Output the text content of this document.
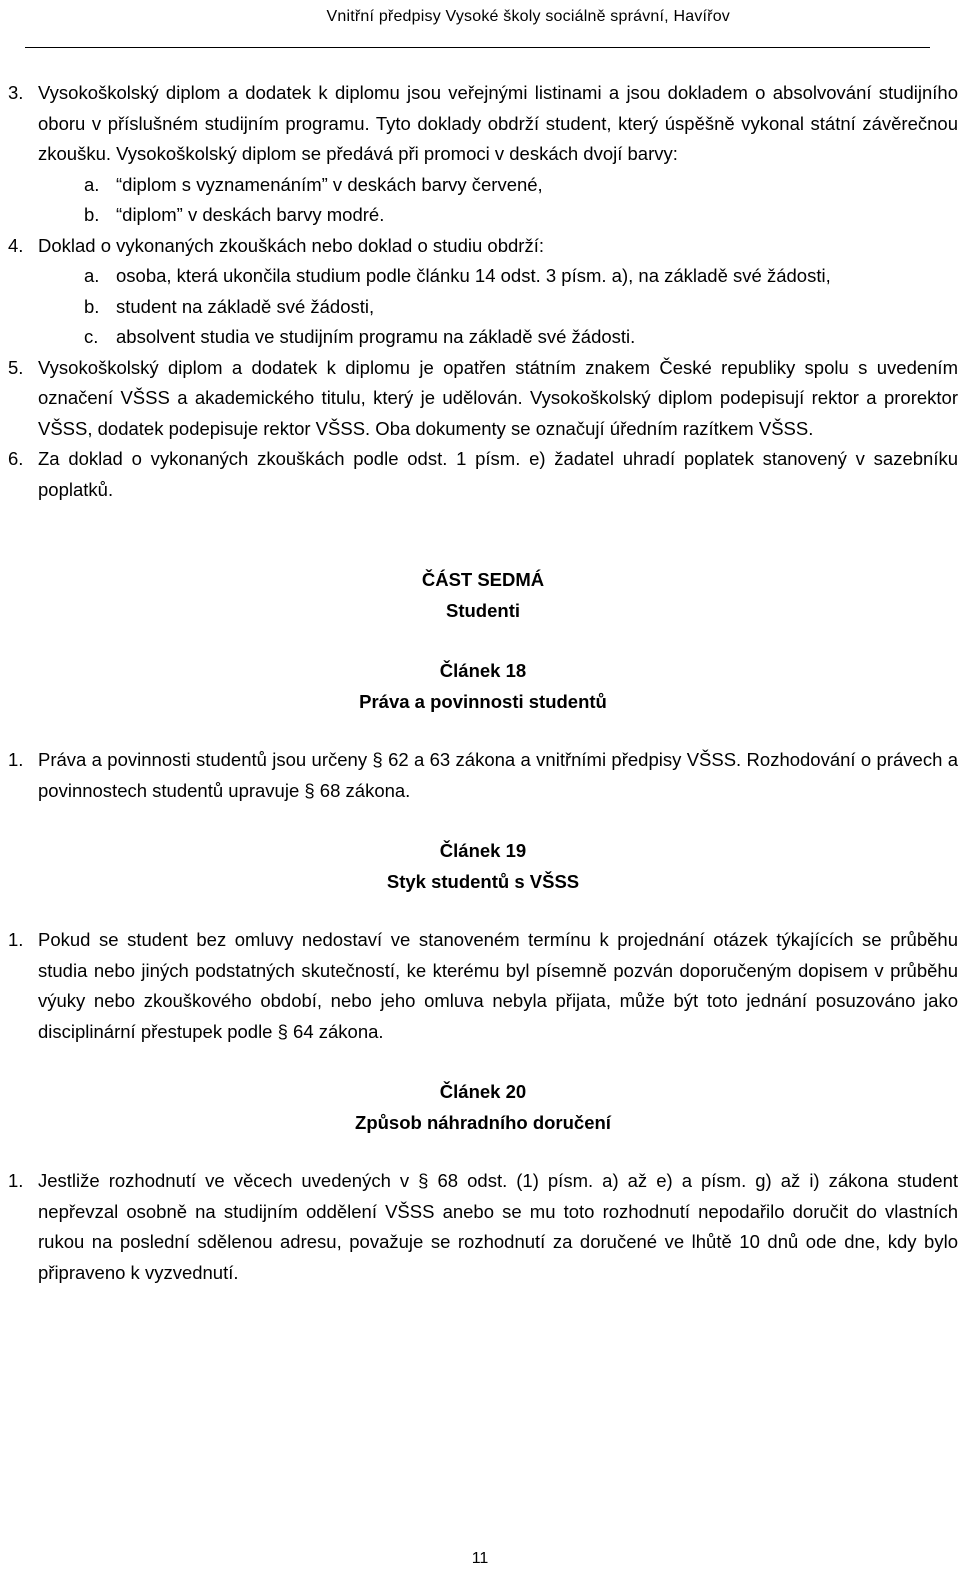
Vnitřní předpisy Vysoké školy sociálně správní, Havířov
3. Vysokoškolský diplom a dodatek k diplomu jsou veřejnými listinami a jsou dokladem o absolvování studijního oboru v příslušném studijním programu. Tyto doklady obdrží student, který úspěšně vykonal státní závěrečnou zkoušku. Vysokoškolský diplom se předává při promoci v deskách dvojí barvy:
a. “diplom s vyznamenáním” v deskách barvy červené,
b. “diplom” v deskách barvy modré.
4. Doklad o vykonaných zkouškách nebo doklad o studiu obdrží:
a. osoba, která ukončila studium podle článku 14 odst. 3 písm. a), na základě své žádosti,
b. student na základě své žádosti,
c. absolvent studia ve studijním programu na základě své žádosti.
5. Vysokoškolský diplom a dodatek k diplomu je opatřen státním znakem České republiky spolu s uvedením označení VŠSS a akademického titulu, který je udělován. Vysokoškolský diplom podepisují rektor a prorektor VŠSS, dodatek podepisuje rektor VŠSS. Oba dokumenty se označují úředním razítkem VŠSS.
6. Za doklad o vykonaných zkouškách podle odst. 1 písm. e) žadatel uhradí poplatek stanovený v sazebníku poplatků.
ČÁST SEDMÁ
Studenti
Článek 18
Práva a povinnosti studentů
1. Práva a povinnosti studentů jsou určeny § 62 a 63 zákona a vnitřními předpisy VŠSS. Rozhodování o právech a povinnostech studentů upravuje § 68 zákona.
Článek 19
Styk studentů s VŠSS
1. Pokud se student bez omluvy nedostaví ve stanoveném termínu k projednání otázek týkajících se průběhu studia nebo jiných podstatných skutečností, ke kterému byl písemně pozván doporučeným dopisem v průběhu výuky nebo zkouškového období, nebo jeho omluva nebyla přijata, může být toto jednání posuzováno jako disciplinární přestupek podle § 64 zákona.
Článek 20
Způsob náhradního doručení
1. Jestliže rozhodnutí ve věcech uvedených v § 68 odst. (1) písm. a) až e) a písm. g) až i) zákona student nepřevzal osobně na studijním oddělení VŠSS anebo se mu toto rozhodnutí nepodařilo doručit do vlastních rukou na poslední sdělenou adresu, považuje se rozhodnutí za doručené ve lhůtě 10 dnů ode dne, kdy bylo připraveno k vyzvednutí.
11
